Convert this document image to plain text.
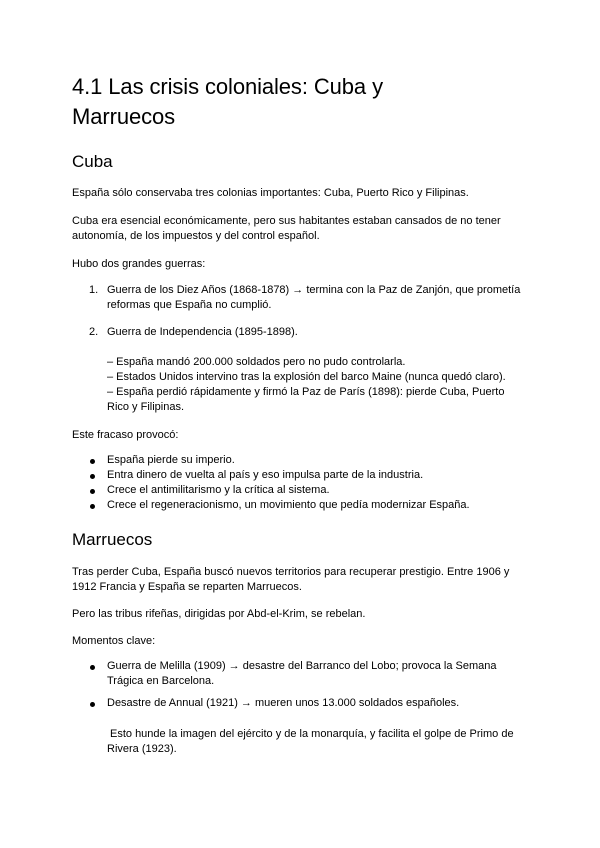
4.1 Las crisis coloniales: Cuba y
Marruecos
Cuba
España sólo conservaba tres colonias importantes: Cuba, Puerto Rico y Filipinas.
Cuba era esencial económicamente, pero sus habitantes estaban cansados de no tener
autonomía, de los impuestos y del control español.
Hubo dos grandes guerras:
1. Guerra de los Diez Años (1868-1878) → termina con la Paz de Zanjón, que prometía
reformas que España no cumplió.
2. Guerra de Independencia (1895-1898).
– España mandó 200.000 soldados pero no pudo controlarla.
– Estados Unidos intervino tras la explosión del barco Maine (nunca quedó claro).
– España perdió rápidamente y firmó la Paz de París (1898): pierde Cuba, Puerto
Rico y Filipinas.
Este fracaso provocó:
España pierde su imperio.
Entra dinero de vuelta al país y eso impulsa parte de la industria.
Crece el antimilitarismo y la crítica al sistema.
Crece el regeneracionismo, un movimiento que pedía modernizar España.
Marruecos
Tras perder Cuba, España buscó nuevos territorios para recuperar prestigio. Entre 1906 y
1912 Francia y España se reparten Marruecos.
Pero las tribus rifeñas, dirigidas por Abd-el-Krim, se rebelan.
Momentos clave:
Guerra de Melilla (1909) → desastre del Barranco del Lobo; provoca la Semana
Trágica en Barcelona.
Desastre de Annual (1921) → mueren unos 13.000 soldados españoles.
Esto hunde la imagen del ejército y de la monarquía, y facilita el golpe de Primo de
Rivera (1923).
